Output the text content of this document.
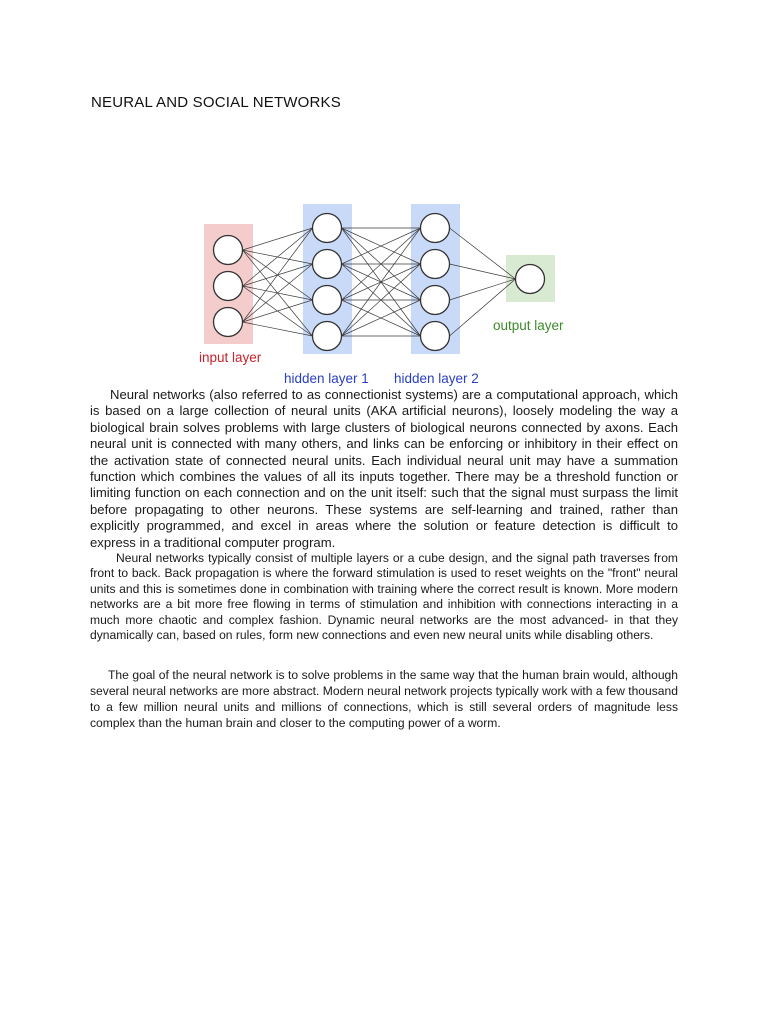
NEURAL AND SOCIAL NETWORKS
input layer
hidden layer 1 hidden layer 2
output layer

Neural networks (also referred to as connectionist systems) are a computational approach, which is based on a large collection of neural units (AKA artificial neurons), loosely modeling the way a biological brain solves problems with large clusters of biological neurons connected by axons. Each neural unit is connected with many others, and links can be enforcing or inhibitory in their effect on the activation state of connected neural units. Each individual neural unit may have a summation function which combines the values of all its inputs together. There may be a threshold function or limiting function on each connection and on the unit itself: such that the signal must surpass the limit before propagating to other neurons. These systems are self-learning and trained, rather than explicitly programmed, and excel in areas where the solution or feature detection is difficult to express in a traditional computer program.

Neural networks typically consist of multiple layers or a cube design, and the signal path traverses from front to back. Back propagation is where the forward stimulation is used to reset weights on the "front" neural units and this is sometimes done in combination with training where the correct result is known. More modern networks are a bit more free flowing in terms of stimulation and inhibition with connections interacting in a much more chaotic and complex fashion. Dynamic neural networks are the most advanced- in that they dynamically can, based on rules, form new connections and even new neural units while disabling others.

The goal of the neural network is to solve problems in the same way that the human brain would, although several neural networks are more abstract. Modern neural network projects typically work with a few thousand to a few million neural units and millions of connections, which is still several orders of magnitude less complex than the human brain and closer to the computing power of a worm.
